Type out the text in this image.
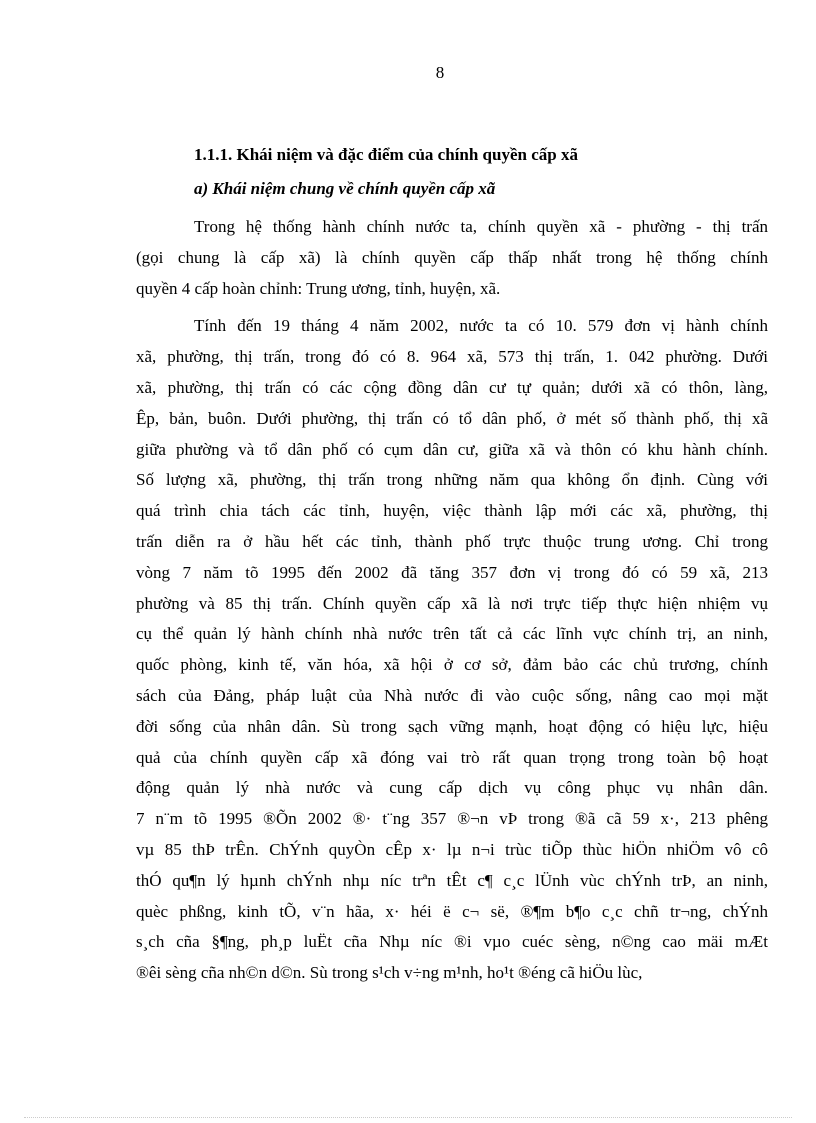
8
1.1.1. Khái niệm và đặc điểm của chính quyền cấp xã
a) Khái niệm chung về chính quyền cấp xã
Trong hệ thống hành chính nước ta, chính quyền xã - phường - thị trấn
(gọi chung là cấp xã) là chính quyền cấp thấp nhất trong hệ thống chính
quyền 4 cấp hoàn chỉnh: Trung ương, tỉnh, huyện, xã.
Tính đến 19 tháng 4 năm 2002, nước ta có 10. 579 đơn vị hành chính
xã, phường, thị trấn, trong đó có 8. 964 xã, 573 thị trấn, 1. 042 phường. Dưới
xã, phường, thị trấn có các cộng đồng dân cư tự quản; dưới xã có thôn, làng,
Êp, bản, buôn. Dưới phường, thị trấn có tổ dân phố, ở mét số thành phố, thị xã
giữa phường và tổ dân phố có cụm dân cư, giữa xã và thôn có khu hành chính.
Số lượng xã, phường, thị trấn trong những năm qua không ổn định. Cùng với
quá trình chia tách các tỉnh, huyện, việc thành lập mới các xã, phường, thị
trấn diễn ra ở hầu hết các tỉnh, thành phố trực thuộc trung ương. Chỉ trong
vòng 7 năm tõ 1995 đến 2002 đã tăng 357 đơn vị trong đó có 59 xã, 213
phường và 85 thị trấn. Chính quyền cấp xã là nơi trực tiếp thực hiện nhiệm vụ
cụ thể quản lý hành chính nhà nước trên tất cả các lĩnh vực chính trị, an ninh,
quốc phòng, kinh tế, văn hóa, xã hội ở cơ sở, đảm bảo các chủ trương, chính
sách của Đảng, pháp luật của Nhà nước đi vào cuộc sống, nâng cao mọi mặt
đời sống của nhân dân. Sù trong sạch vững mạnh, hoạt động có hiệu lực, hiệu
quả của chính quyền cấp xã đóng vai trò rất quan trọng trong toàn bộ hoạt
động quản lý nhà nước và cung cấp dịch vụ công phục vụ nhân dân.
7 n¨m tõ 1995 ®Õn 2002 ®· t¨ng 357 ®¬n vÞ trong ®ã cã 59 x·, 213 phêng
vµ 85 thÞ trÊn. ChÝnh quyÒn cÊp x· lµ n¬i trùc tiÕp thùc hiÖn nhiÖm vô cô
thÓ qu¶n lý hµnh chÝnh nhµ níc trªn tÊt c¶ c¸c lÜnh vùc chÝnh trÞ, an ninh,
quèc phßng, kinh tÕ, v¨n hãa, x· héi ë c¬ së, ®¶m b¶o c¸c chñ tr¬ng, chÝnh
s¸ch cña §¶ng, ph¸p luËt cña Nhµ níc ®i vµo cuéc sèng, n©ng cao mäi mÆt
®êi sèng cña nh©n d©n. Sù trong s¹ch v÷ng m¹nh, ho¹t ®éng cã hiÖu lùc,
